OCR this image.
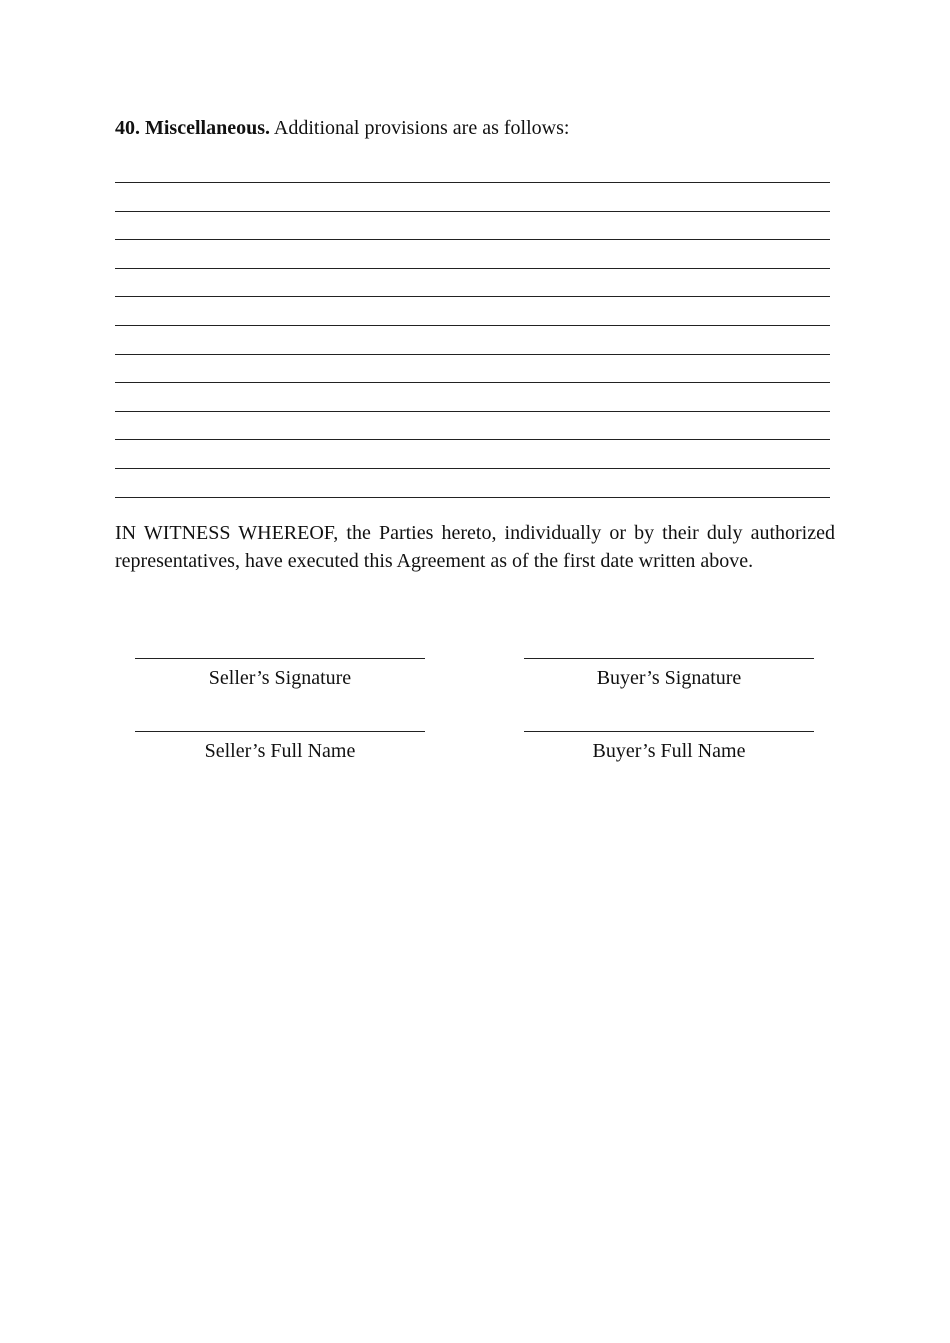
40. Miscellaneous. Additional provisions are as follows:
IN WITNESS WHEREOF, the Parties hereto, individually or by their duly authorized
representatives, have executed this Agreement as of the first date written above.
Seller’s Signature	Buyer’s Signature
Seller’s Full Name	Buyer’s Full Name
